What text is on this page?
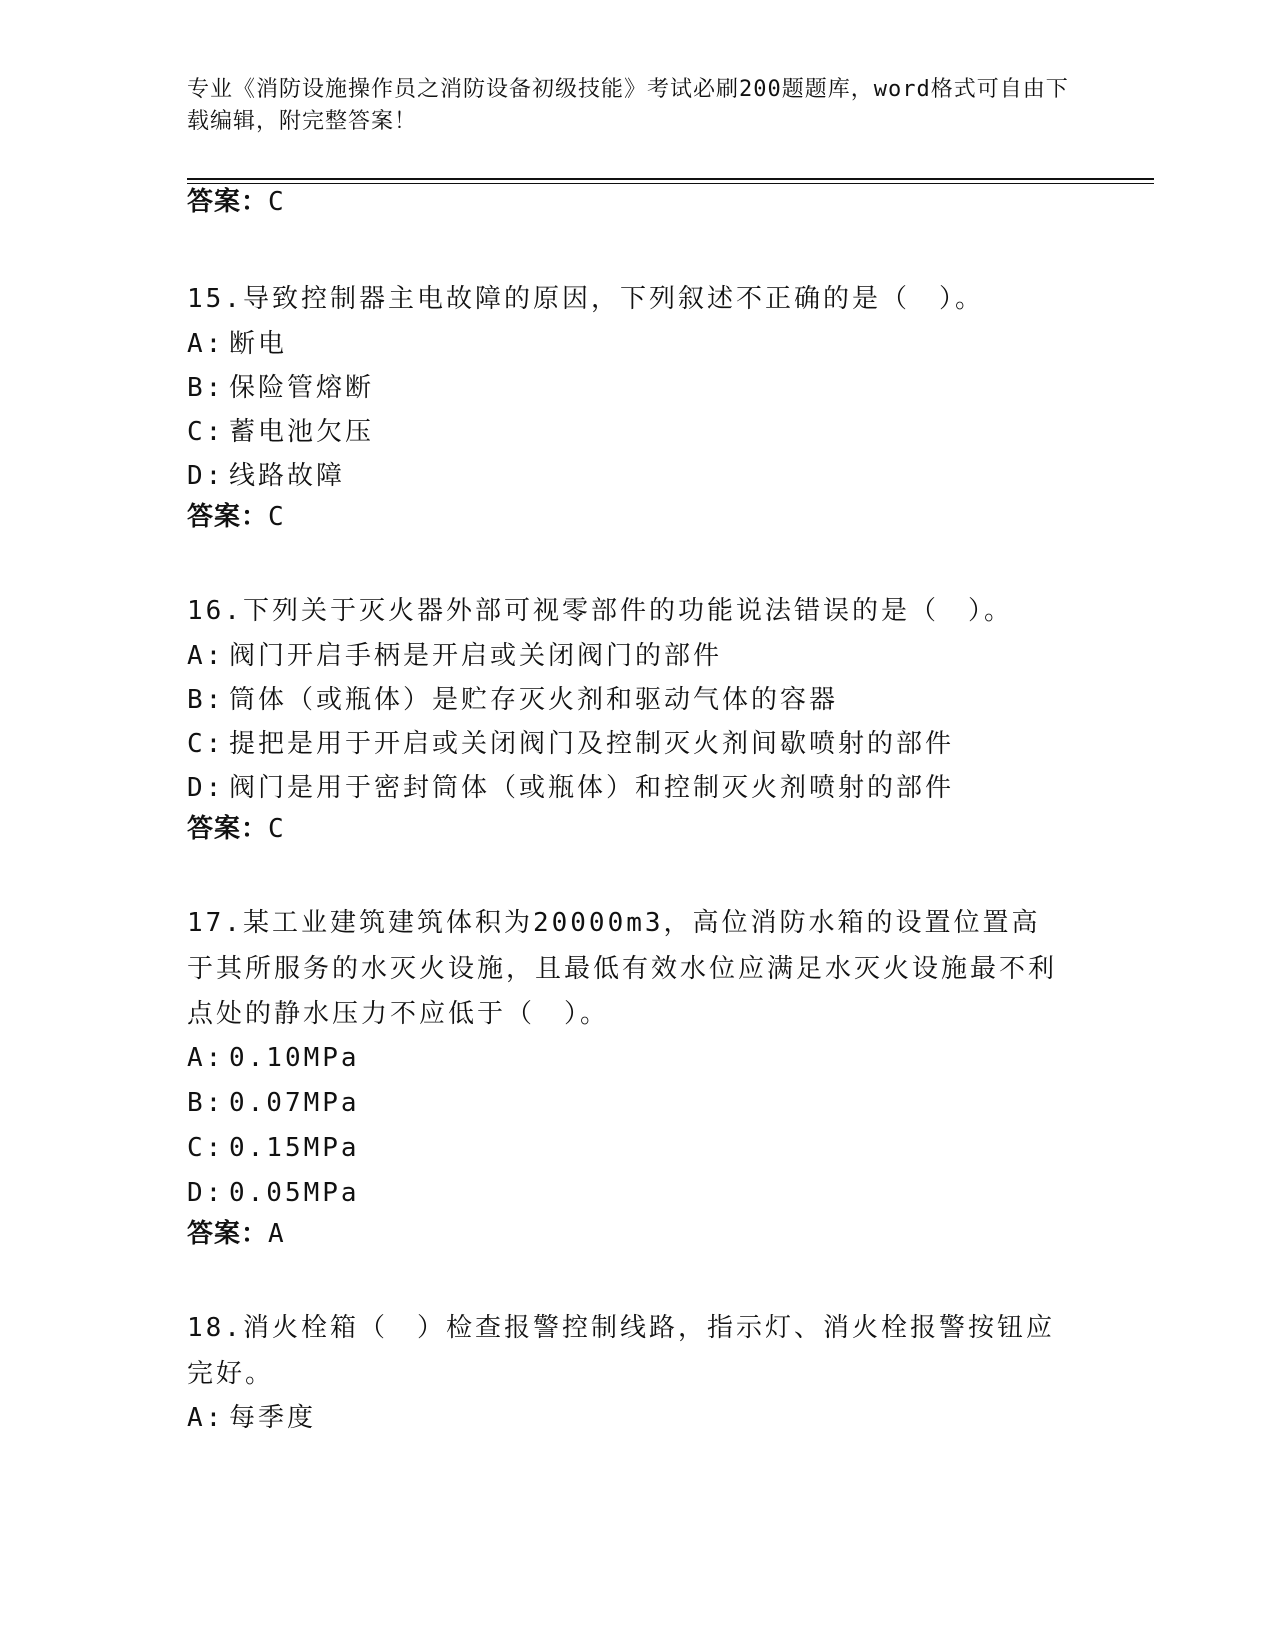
专业《消防设施操作员之消防设备初级技能》考试必刷200题题库，word格式可自由下载编辑，附完整答案！
答案：C
15.导致控制器主电故障的原因，下列叙述不正确的是（　）。
A: 断电
B: 保险管熔断
C: 蓄电池欠压
D: 线路故障
答案：C
16.下列关于灭火器外部可视零部件的功能说法错误的是（　）。
A: 阀门开启手柄是开启或关闭阀门的部件
B: 筒体（或瓶体）是贮存灭火剂和驱动气体的容器
C: 提把是用于开启或关闭阀门及控制灭火剂间歇喷射的部件
D: 阀门是用于密封筒体（或瓶体）和控制灭火剂喷射的部件
答案：C
17.某工业建筑建筑体积为20000m3，高位消防水箱的设置位置高于其所服务的水灭火设施，且最低有效水位应满足水灭火设施最不利点处的静水压力不应低于（　）。
A: 0.10MPa
B: 0.07MPa
C: 0.15MPa
D: 0.05MPa
答案：A
18.消火栓箱（　）检查报警控制线路，指示灯、消火栓报警按钮应完好。
A: 每季度
